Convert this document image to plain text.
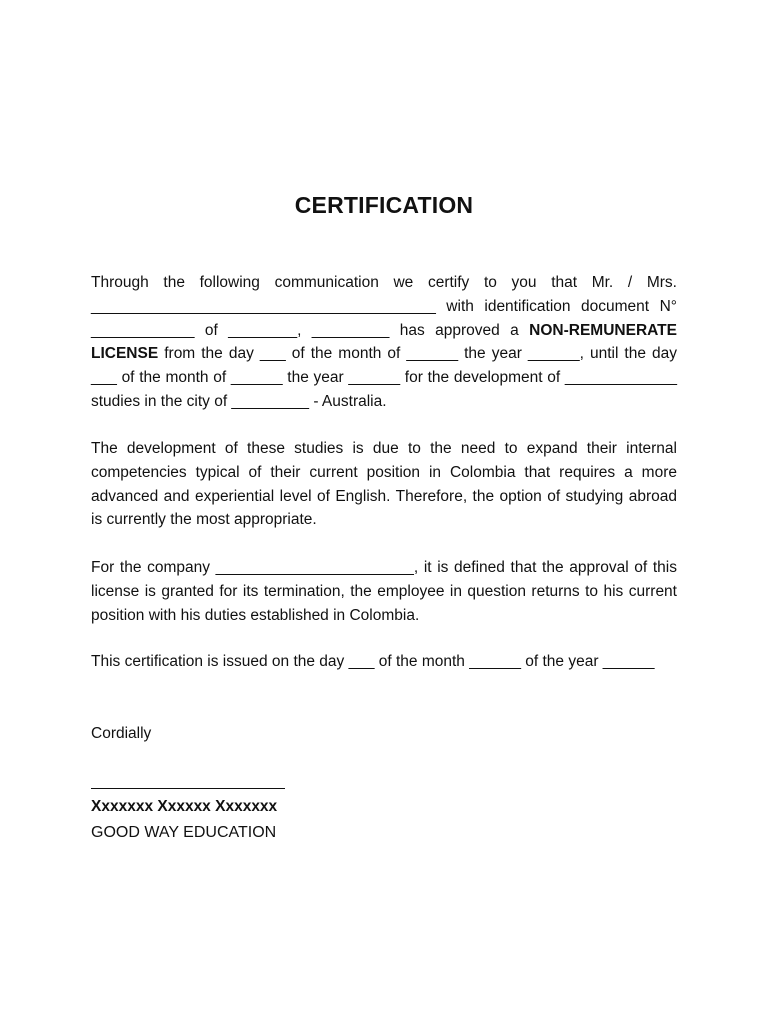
CERTIFICATION

Through the following communication we certify to you that Mr. / Mrs. ________________________________________ with identification document N° ____________ of ________, _________ has approved a NON-REMUNERATE LICENSE from the day ___ of the month of ______ the year ______, until the day ___ of the month of ______ the year ______ for the development of _____________ studies in the city of _________ - Australia.

The development of these studies is due to the need to expand their internal competencies typical of their current position in Colombia that requires a more advanced and experiential level of English. Therefore, the option of studying abroad is currently the most appropriate.

For the company _______________________, it is defined that the approval of this license is granted for its termination, the employee in question returns to his current position with his duties established in Colombia.

This certification is issued on the day ___ of the month ______ of the year ______

Cordially

Xxxxxxx Xxxxxx Xxxxxxx
GOOD WAY EDUCATION
